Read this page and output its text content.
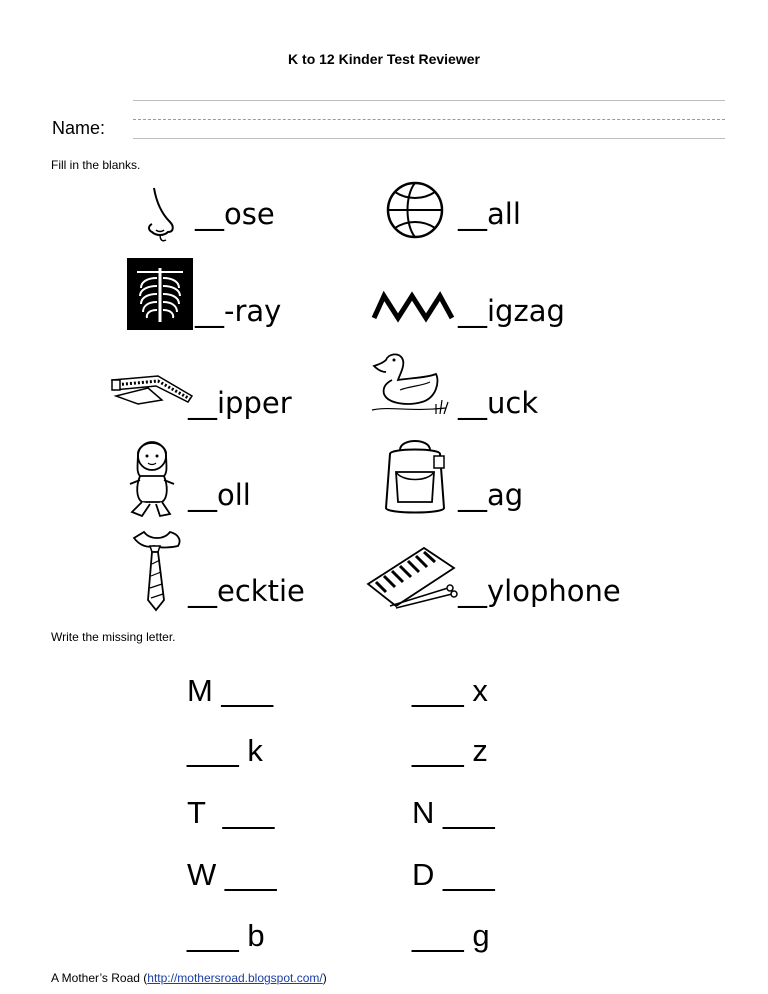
K to 12 Kinder Test Reviewer
Name:
Fill in the blanks.
__ose	__all
__-ray	__igzag
__ipper	__uck
__oll	__ag
__ecktie	__ylophone
Write the missing letter.
M ___	___ x
___ k	___ z
T  ___	N ___
W ___	D ___
___ b	___ g
A Mother’s Road (http://mothersroad.blogspot.com/)
